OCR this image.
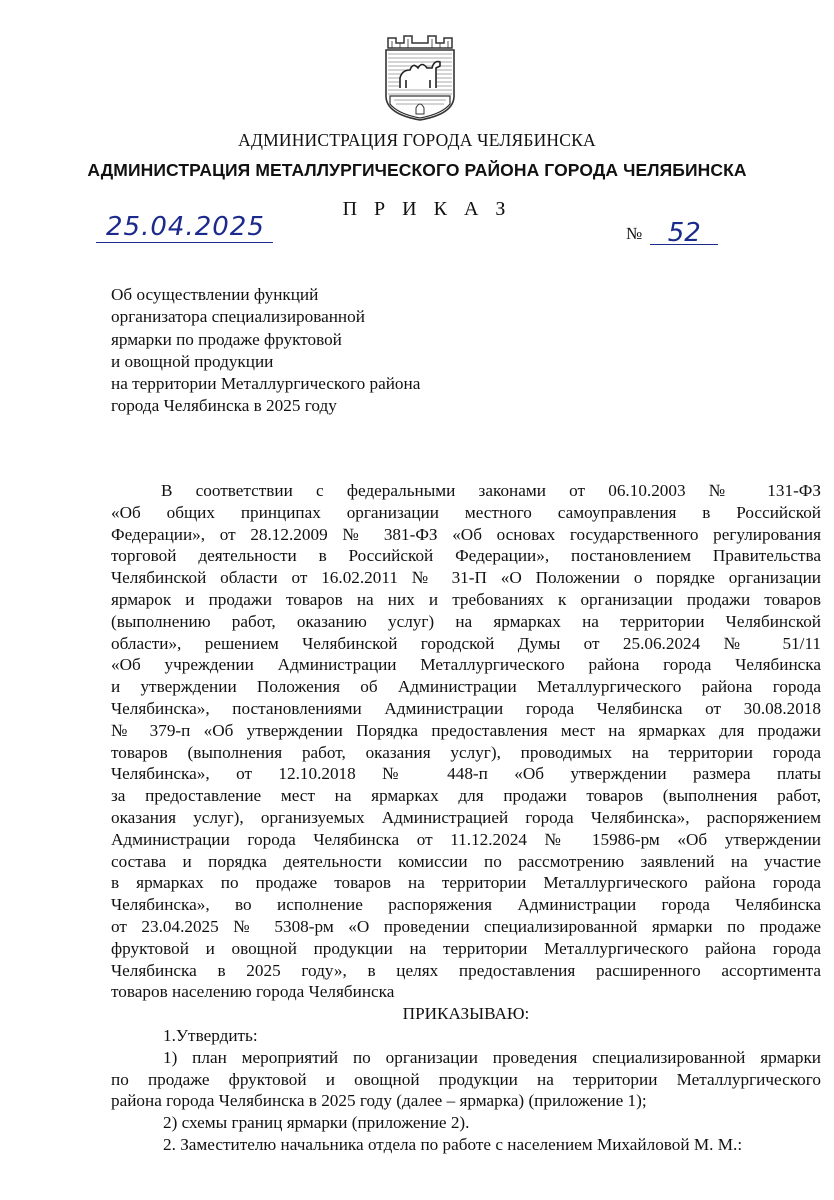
АДМИНИСТРАЦИЯ ГОРОДА ЧЕЛЯБИНСКА
АДМИНИСТРАЦИЯ МЕТАЛЛУРГИЧЕСКОГО РАЙОНА ГОРОДА ЧЕЛЯБИНСКА
П Р И К А З
25.04.2025	№ 52
Об осуществлении функций
организатора специализированной
ярмарки по продаже фруктовой
и овощной продукции
на территории Металлургического района
города Челябинска в 2025 году
В соответствии с федеральными законами от 06.10.2003 № 131-ФЗ
«Об общих принципах организации местного самоуправления в Российской
Федерации», от 28.12.2009 № 381-ФЗ «Об основах государственного регулирования
торговой деятельности в Российской Федерации», постановлением Правительства
Челябинской области от 16.02.2011 № 31-П «О Положении о порядке организации
ярмарок и продажи товаров на них и требованиях к организации продажи товаров
(выполнению работ, оказанию услуг) на ярмарках на территории Челябинской
области», решением Челябинской городской Думы от 25.06.2024 № 51/11
«Об учреждении Администрации Металлургического района города Челябинска
и утверждении Положения об Администрации Металлургического района города
Челябинска», постановлениями Администрации города Челябинска от 30.08.2018
№ 379-п «Об утверждении Порядка предоставления мест на ярмарках для продажи
товаров (выполнения работ, оказания услуг), проводимых на территории города
Челябинска», от 12.10.2018 № 448-п «Об утверждении размера платы
за предоставление мест на ярмарках для продажи товаров (выполнения работ,
оказания услуг), организуемых Администрацией города Челябинска», распоряжением
Администрации города Челябинска от 11.12.2024 № 15986-рм «Об утверждении
состава и порядка деятельности комиссии по рассмотрению заявлений на участие
в ярмарках по продаже товаров на территории Металлургического района города
Челябинска», во исполнение распоряжения Администрации города Челябинска
от 23.04.2025 № 5308-рм «О проведении специализированной ярмарки по продаже
фруктовой и овощной продукции на территории Металлургического района города
Челябинска в 2025 году», в целях предоставления расширенного ассортимента
товаров населению города Челябинска
ПРИКАЗЫВАЮ:
1.Утвердить:
1) план мероприятий по организации проведения специализированной ярмарки
по продаже фруктовой и овощной продукции на территории Металлургического
района города Челябинска в 2025 году (далее – ярмарка) (приложение 1);
2) схемы границ ярмарки (приложение 2).
2. Заместителю начальника отдела по работе с населением Михайловой М. М.:
